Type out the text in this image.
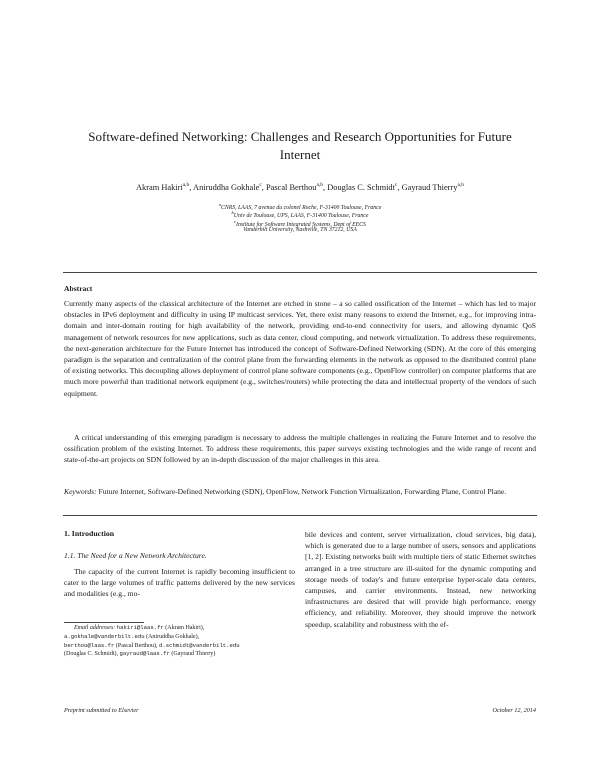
Software-defined Networking: Challenges and Research Opportunities for Future
Internet
Akram Hakiri$^{a,b}$, Aniruddha Gokhale$^c$, Pascal Berthou$^{a,b}$, Douglas C. Schmidt$^c$, Gayraud Thierry$^{a,b}$
$^a$CNRS, LAAS, 7 avenue du colonel Roche, F-31400 Toulouse, France
$^b$Univ de Toulouse, UPS, LAAS, F-31400 Toulouse, France
$^c$Institute for Software Integrated Systems, Dept of EECS
Vanderbilt University, Nashville, TN 37212, USA
Abstract
Currently many aspects of the classical architecture of the Internet are etched in stone – a so called ossification of the Internet – which has led to major obstacles in IPv6 deployment and difficulty in using IP multicast services. Yet, there exist many reasons to extend the Internet, e.g., for improving intra-domain and inter-domain routing for high availability of the network, providing end-to-end connectivity for users, and allowing dynamic QoS management of network resources for new applications, such as data center, cloud computing, and network virtualization. To address these requirements, the next-generation architecture for the Future Internet has introduced the concept of Software-Defined Networking (SDN). At the core of this emerging paradigm is the separation and centralization of the control plane from the forwarding elements in the network as opposed to the distributed control plane of existing networks. This decoupling allows deployment of control plane software components (e.g., OpenFlow controller) on computer platforms that are much more powerful than traditional network equipment (e.g., switches/routers) while protecting the data and intellectual property of the vendors of such equipment.
A critical understanding of this emerging paradigm is necessary to address the multiple challenges in realizing the Future Internet and to resolve the ossification problem of the existing Internet. To address these requirements, this paper surveys existing technologies and the wide range of recent and state-of-the-art projects on SDN followed by an in-depth discussion of the major challenges in this area.
Keywords: Future Internet, Software-Defined Networking (SDN), OpenFlow, Network Function Virtualization, Forwarding Plane, Control Plane.
1. Introduction
1.1. The Need for a New Network Architecture.
The capacity of the current Internet is rapidly becoming insufficient to cater to the large volumes of traffic patterns delivered by the new services and modalities (e.g., mo-
Email addresses: hakiri@laas.fr (Akram Hakiri),
a.gokhale@vanderbilt.edu (Aniruddha Gokhale),
berthou@laas.fr (Pascal Berthou), d.schmidt@vanderbilt.edu
(Douglas C. Schmidt), gayraud@laas.fr (Gayraud Thierry)
bile devices and content, server virtualization, cloud services, big data), which is generated due to a large number of users, sensors and applications [1, 2]. Existing networks built with multiple tiers of static Ethernet switches arranged in a tree structure are ill-suited for the dynamic computing and storage needs of today's and future enterprise hyper-scale data centers, campuses, and carrier environments. Instead, new networking infrastructures are desired that will provide high performance, energy efficiency, and reliability. Moreover, they should improve the network speedup, scalability and robustness with the ef-
Preprint submitted to Elsevier	October 12, 2014
